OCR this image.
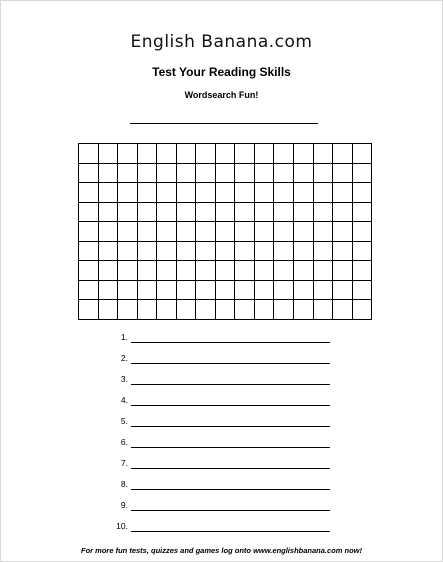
English Banana.com
Test Your Reading Skills
Wordsearch Fun!
1.
2.
3.
4.
5.
6.
7.
8.
9.
10.
For more fun tests, quizzes and games log onto www.englishbanana.com now!
